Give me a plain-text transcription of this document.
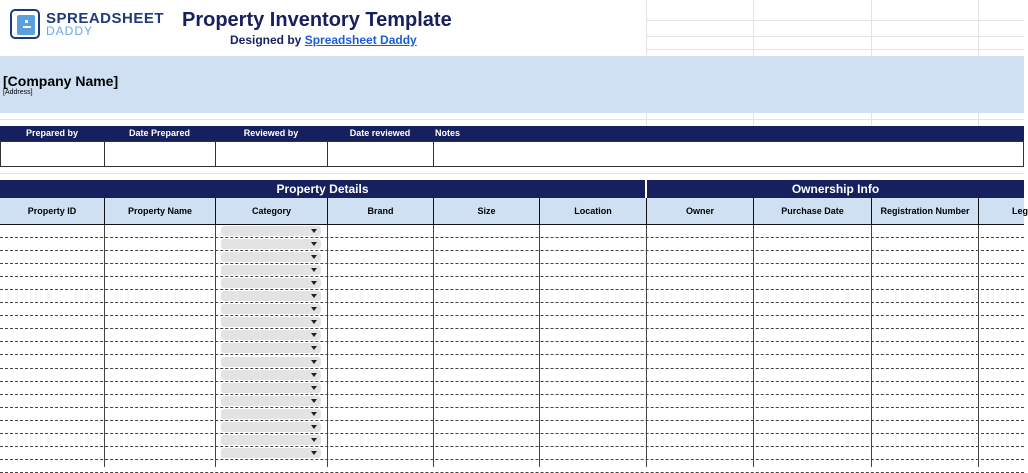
SPREADSHEET
DADDY	Property Inventory Template
Designed by Spreadsheet Daddy
[Company Name]
[Address]
Prepared by	Date Prepared	Reviewed by	Date reviewed	Notes
Property Details	Ownership Info
Property ID	Property Name	Category	Brand	Size	Location	Owner	Purchase Date	Registration Number	Leg
